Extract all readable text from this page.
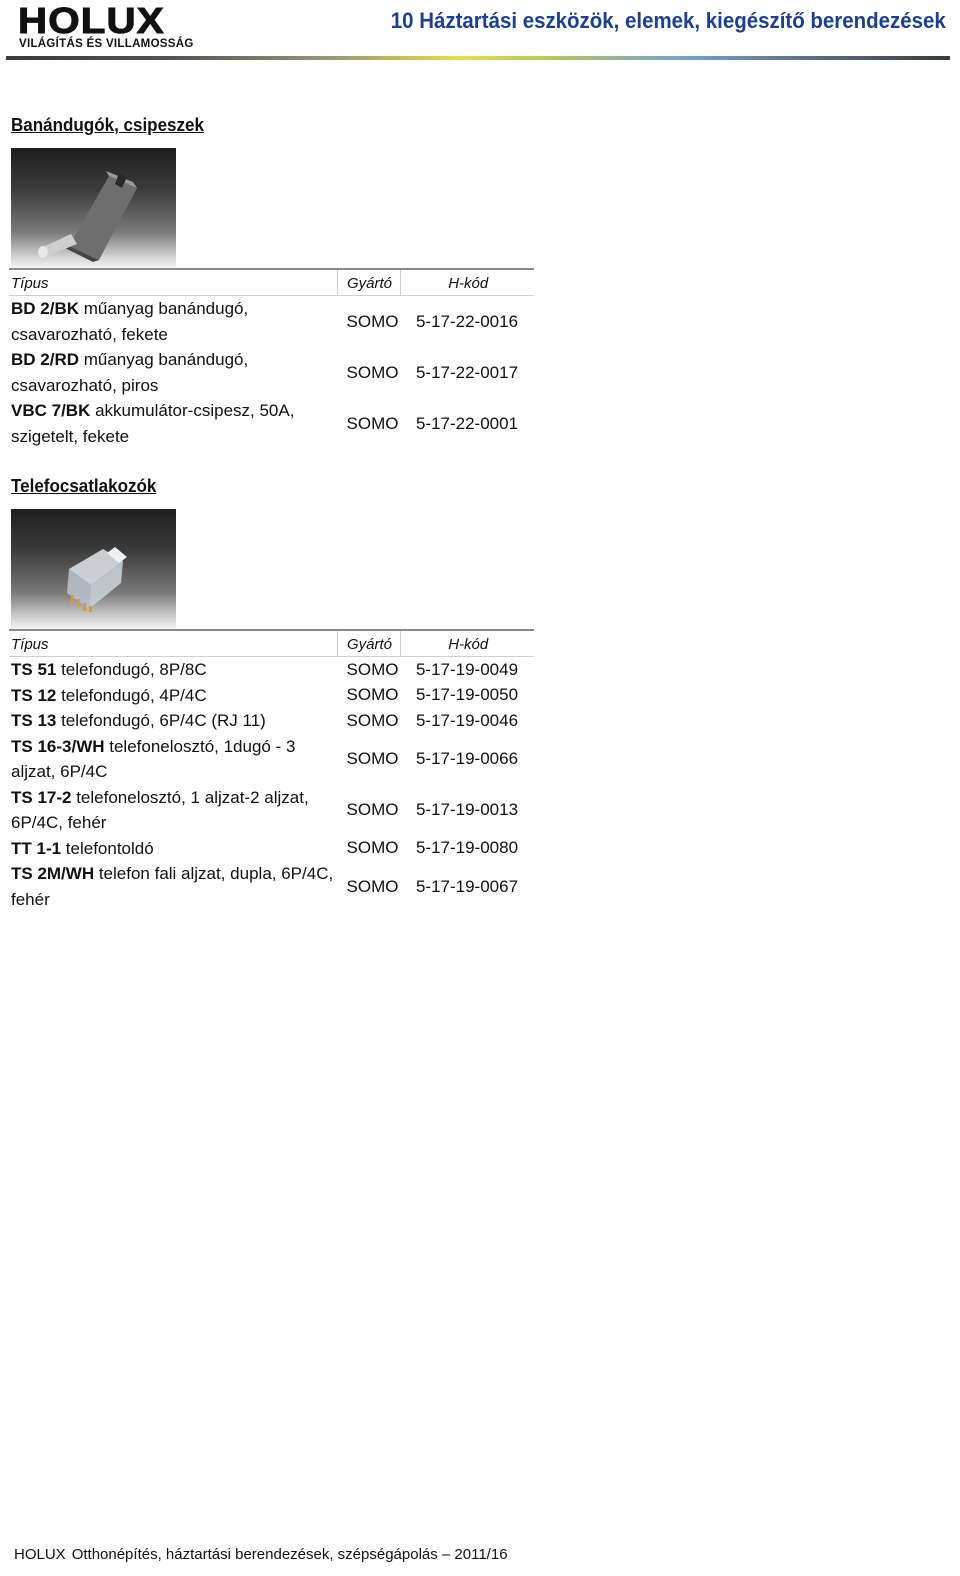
HOLUX
VILÁGÍTÁS ÉS VILLAMOSSÁG
10 Háztartási eszközök, elemek, kiegészítő berendezések
Banándugók, csipeszek
Típus	Gyártó	H-kód
BD 2/BK műanyag banándugó, csavarozható, fekete	SOMO	5-17-22-0016
BD 2/RD műanyag banándugó, csavarozható, piros	SOMO	5-17-22-0017
VBC 7/BK akkumulátor-csipesz, 50A, szigetelt, fekete	SOMO	5-17-22-0001
Telefocsatlakozók
Típus	Gyártó	H-kód
TS 51 telefondugó, 8P/8C	SOMO	5-17-19-0049
TS 12 telefondugó, 4P/4C	SOMO	5-17-19-0050
TS 13 telefondugó, 6P/4C (RJ 11)	SOMO	5-17-19-0046
TS 16-3/WH telefonelosztó, 1dugó - 3 aljzat, 6P/4C	SOMO	5-17-19-0066
TS 17-2 telefonelosztó, 1 aljzat-2 aljzat, 6P/4C, fehér	SOMO	5-17-19-0013
TT 1-1 telefontoldó	SOMO	5-17-19-0080
TS 2M/WH telefon fali aljzat, dupla, 6P/4C, fehér	SOMO	5-17-19-0067
HOLUX Otthonépítés, háztartási berendezések, szépségápolás – 2011/16
